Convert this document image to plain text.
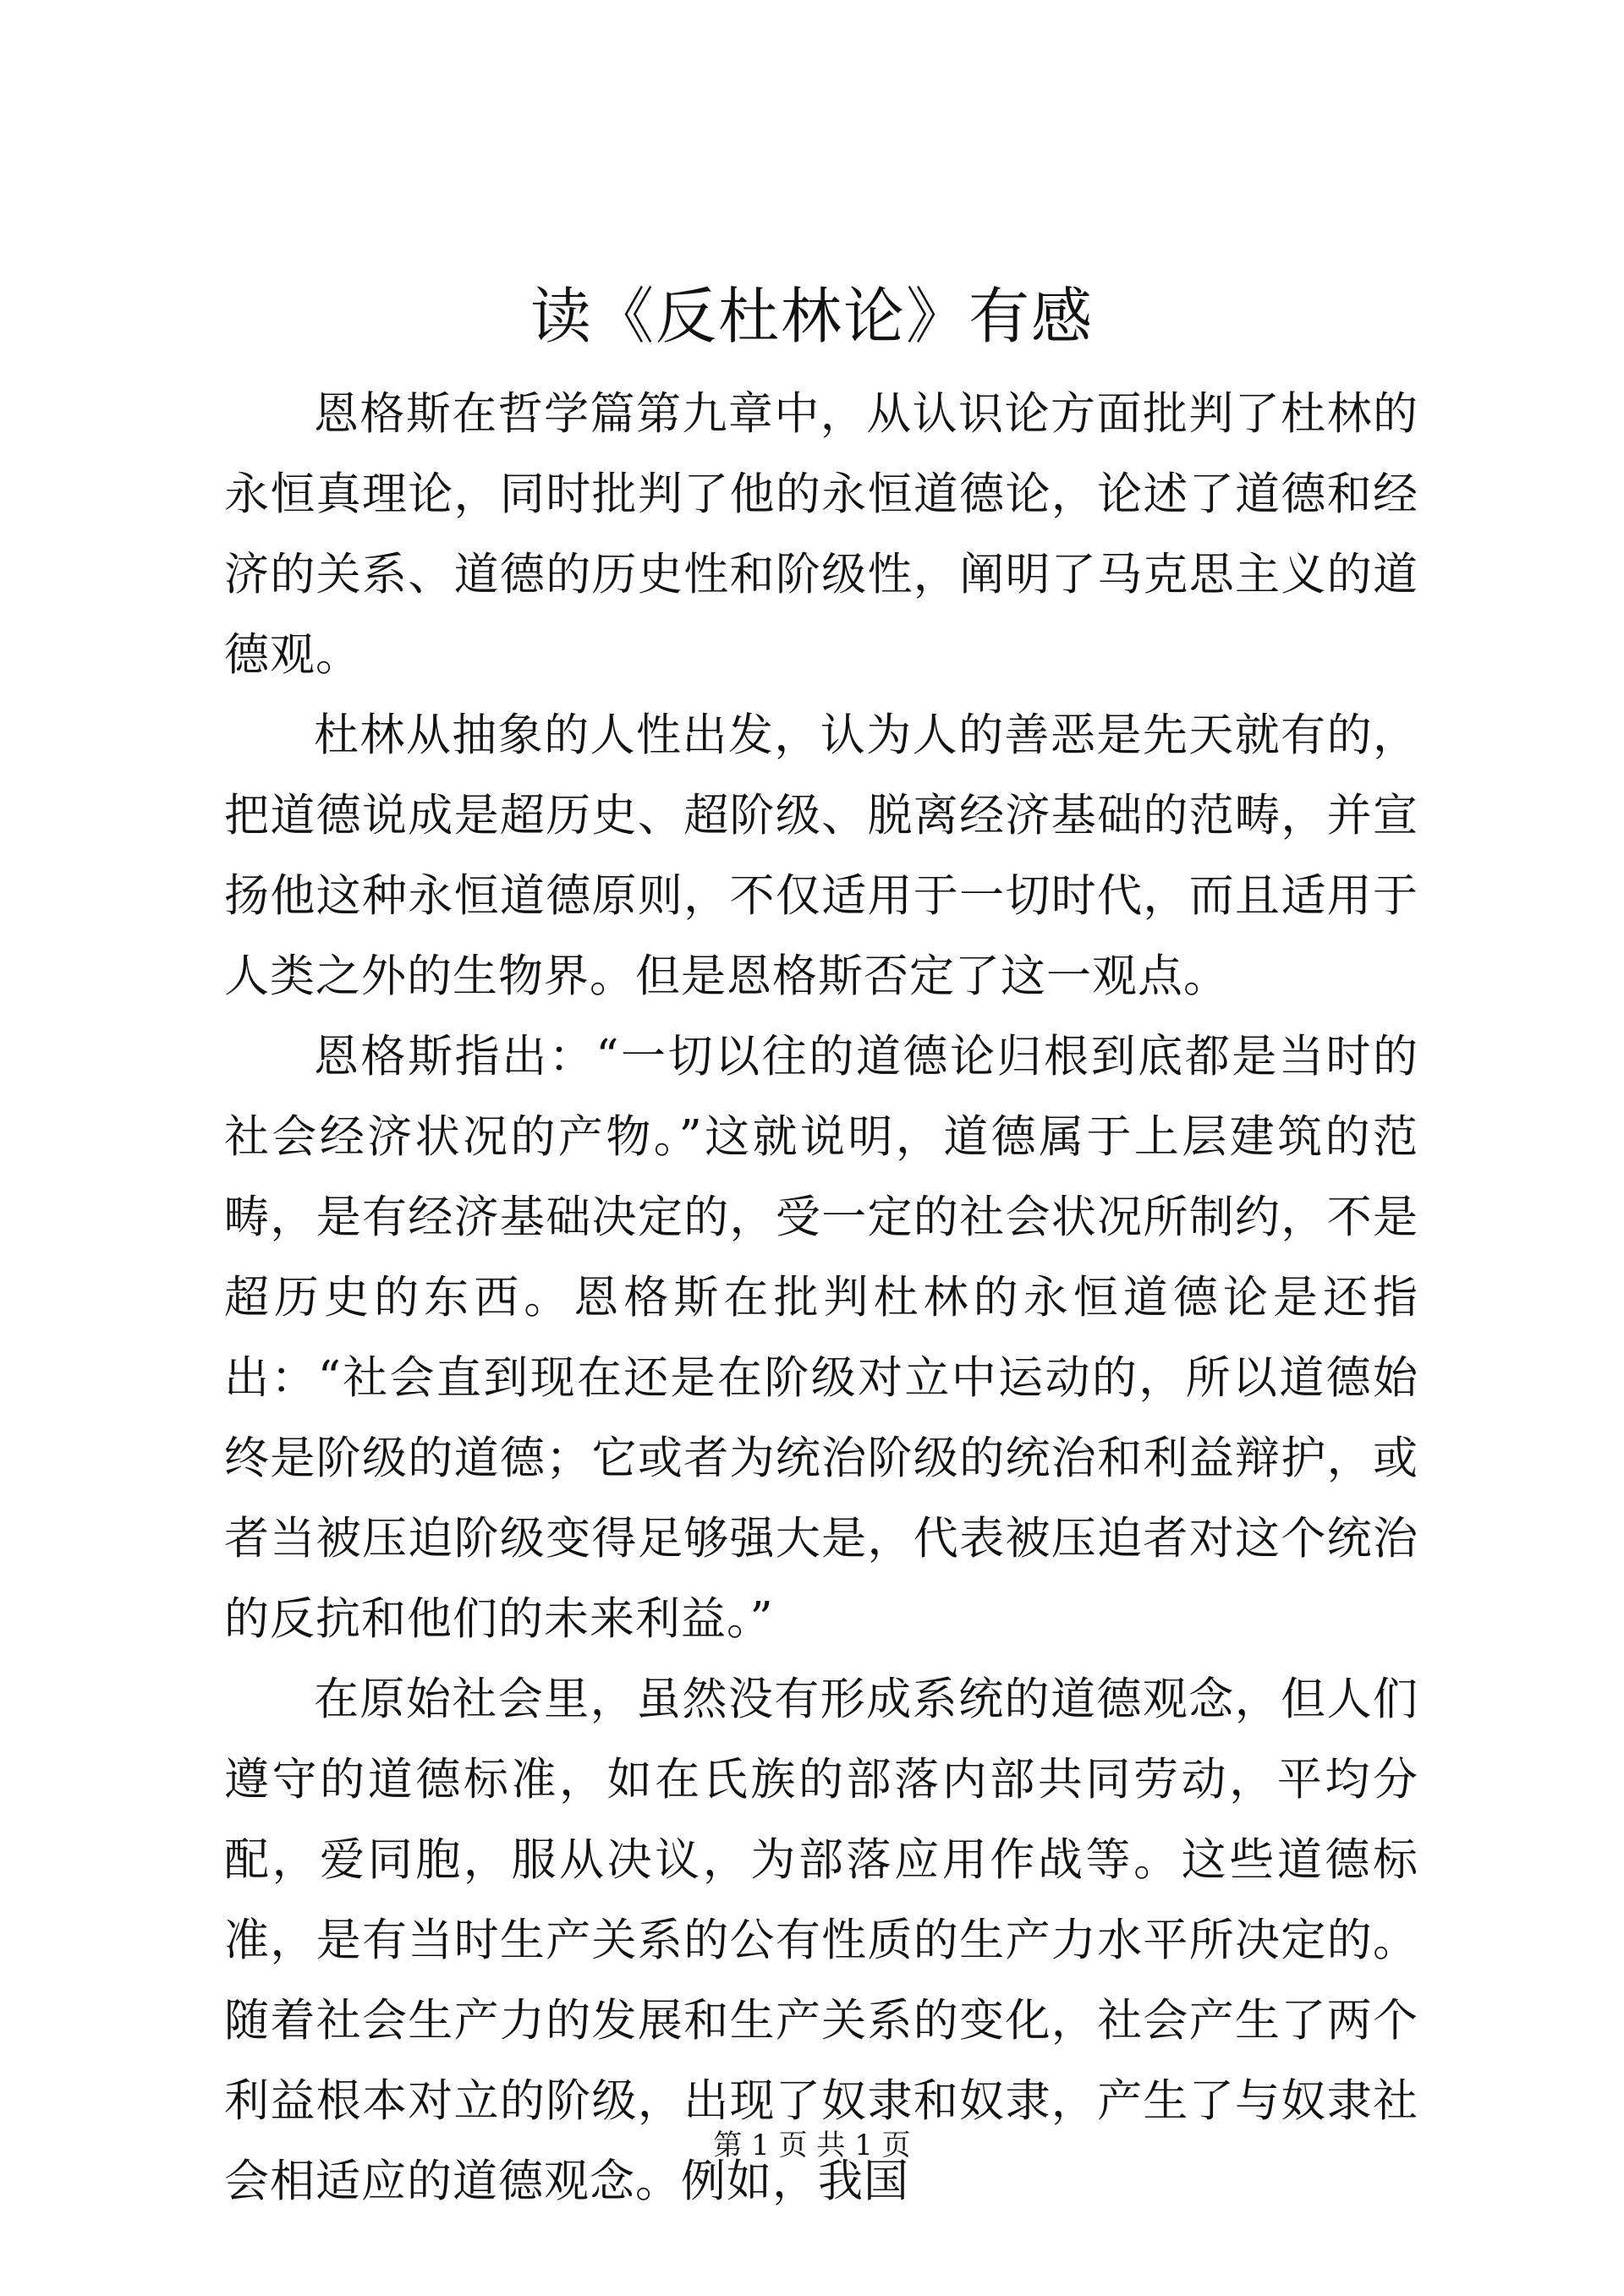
读《反杜林论》有感

恩格斯在哲学篇第九章中，从认识论方面批判了杜林的永恒真理论，同时批判了他的永恒道德论，论述了道德和经济的关系、道德的历史性和阶级性，阐明了马克思主义的道德观。

杜林从抽象的人性出发，认为人的善恶是先天就有的，把道德说成是超历史、超阶级、脱离经济基础的范畴，并宣扬他这种永恒道德原则，不仅适用于一切时代，而且适用于人类之外的生物界。但是恩格斯否定了这一观点。

恩格斯指出：“一切以往的道德论归根到底都是当时的社会经济状况的产物。”这就说明，道德属于上层建筑的范畴，是有经济基础决定的，受一定的社会状况所制约，不是超历史的东西。恩格斯在批判杜林的永恒道德论是还指出：“社会直到现在还是在阶级对立中运动的，所以道德始终是阶级的道德；它或者为统治阶级的统治和利益辩护，或者当被压迫阶级变得足够强大是，代表被压迫者对这个统治的反抗和他们的未来利益。”

在原始社会里，虽然没有形成系统的道德观念，但人们遵守的道德标准，如在氏族的部落内部共同劳动，平均分配，爱同胞，服从决议，为部落应用作战等。这些道德标准，是有当时生产关系的公有性质的生产力水平所决定的。随着社会生产力的发展和生产关系的变化，社会产生了两个利益根本对立的阶级，出现了奴隶和奴隶，产生了与奴隶社会相适应的道德观念。例如，我国

第 1 页 共 1 页
